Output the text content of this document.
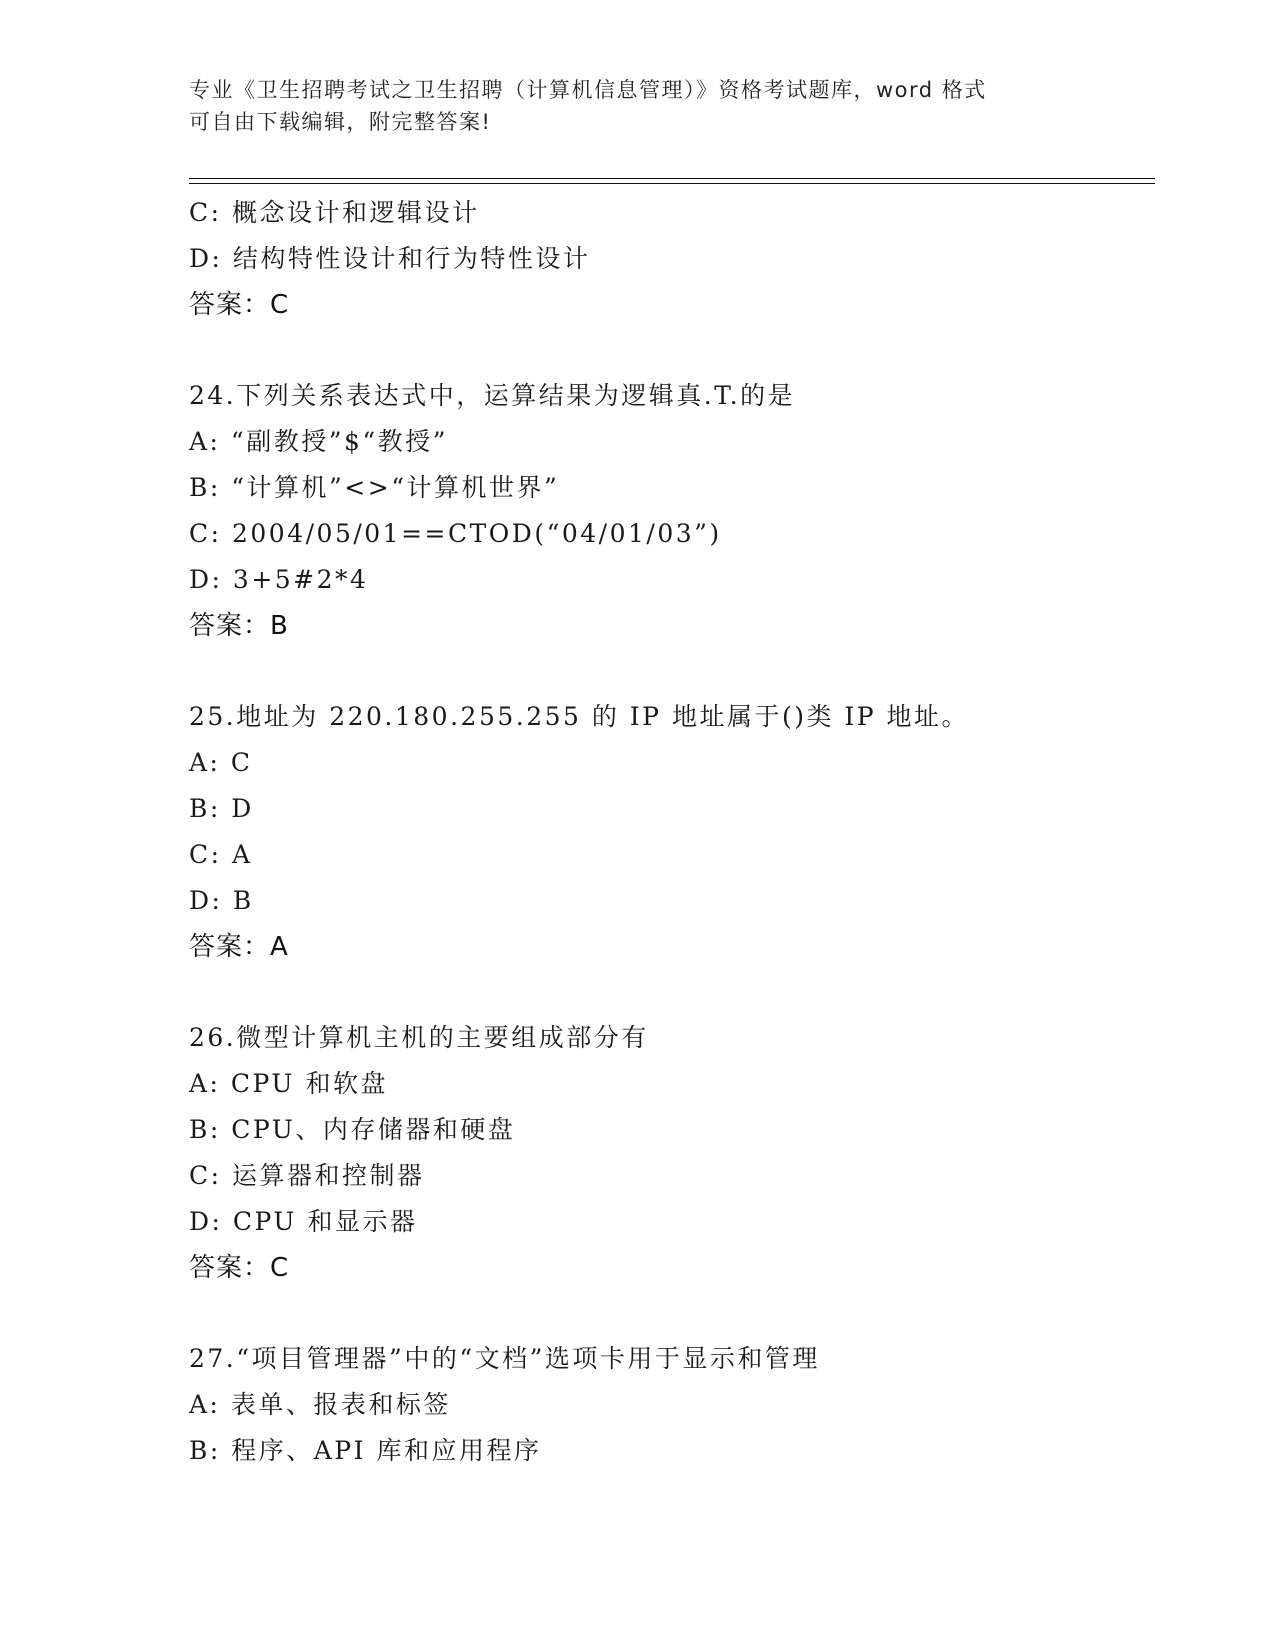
专业《卫生招聘考试之卫生招聘（计算机信息管理）》资格考试题库，word 格式
可自由下载编辑，附完整答案!
C: 概念设计和逻辑设计
D: 结构特性设计和行为特性设计
答案：C
24.下列关系表达式中，运算结果为逻辑真.T.的是
A: “副教授”$“教授”
B: “计算机”<>“计算机世界”
C: 2004/05/01==CTOD(“04/01/03”)
D: 3+5#2*4
答案：B
25.地址为 220.180.255.255 的 IP 地址属于()类 IP 地址。
A: C
B: D
C: A
D: B
答案：A
26.微型计算机主机的主要组成部分有
A: CPU 和软盘
B: CPU、内存储器和硬盘
C: 运算器和控制器
D: CPU 和显示器
答案：C
27.“项目管理器”中的“文档”选项卡用于显示和管理
A: 表单、报表和标签
B: 程序、API 库和应用程序
